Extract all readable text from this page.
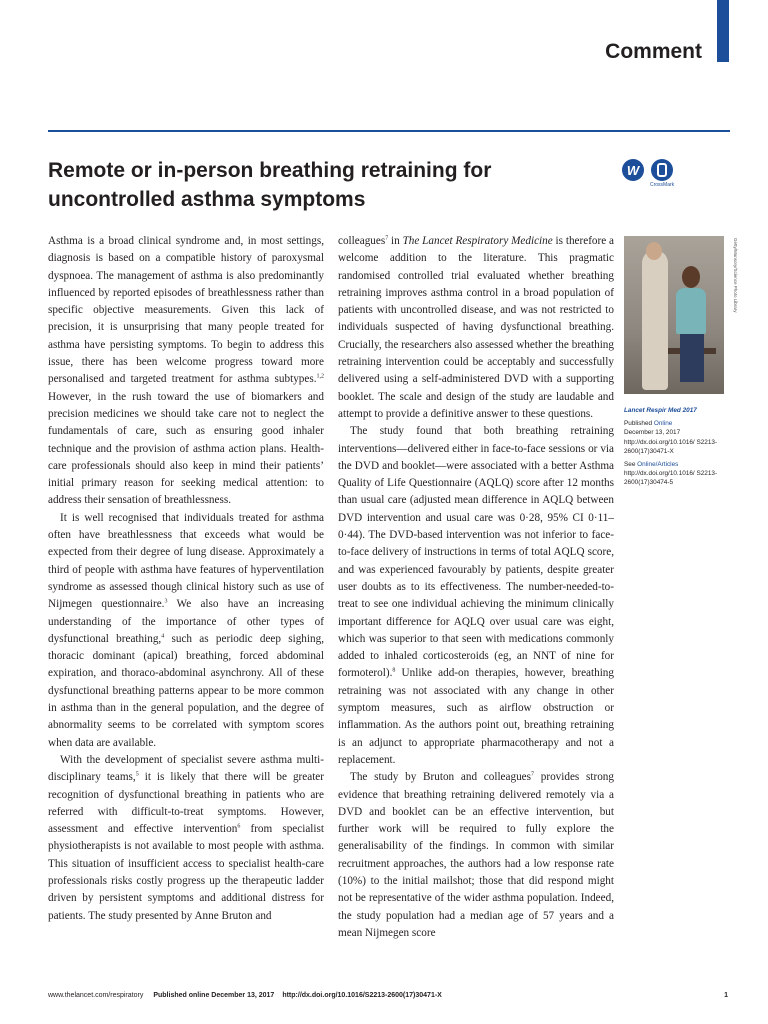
Comment
Remote or in-person breathing retraining for uncontrolled asthma symptoms
W
CrossMark

Asthma is a broad clinical syndrome and, in most settings, diagnosis is based on a compatible history of paroxysmal dyspnoea. The management of asthma is also predominantly influenced by reported episodes of breathlessness rather than specific objective measurements. Given this lack of precision, it is unsurprising that many people treated for asthma have persisting symptoms. To begin to address this issue, there has been welcome progress toward more personalised and targeted treatment for asthma subtypes.$^{1,2}$ However, in the rush toward the use of biomarkers and precision medicines we should take care not to neglect the fundamentals of care, such as ensuring good inhaler technique and the provision of asthma action plans. Health-care professionals should also keep in mind their patients’ initial primary reason for seeking medical attention: to address their sensation of breathlessness.

It is well recognised that individuals treated for asthma often have breathlessness that exceeds what would be expected from their degree of lung disease. Approximately a third of people with asthma have features of hyperventilation syndrome as assessed though clinical history such as use of Nijmegen questionnaire.$^3$ We also have an increasing understanding of the importance of other types of dysfunctional breathing,$^4$ such as periodic deep sighing, thoracic dominant (apical) breathing, forced abdominal expiration, and thoraco-abdominal asynchrony. All of these dysfunctional breathing patterns appear to be more common in asthma than in the general population, and the degree of abnormality seems to be correlated with symptom scores when data are available.

With the development of specialist severe asthma multi-disciplinary teams,$^5$ it is likely that there will be greater recognition of dysfunctional breathing in patients who are referred with difficult-to-treat symptoms. However, assessment and effective intervention$^6$ from specialist physiotherapists is not available to most people with asthma. This situation of insufficient access to specialist health-care professionals risks costly progress up the therapeutic ladder driven by persistent symptoms and additional distress for patients. The study presented by Anne Bruton and

colleagues$^7$ in The Lancet Respiratory Medicine is therefore a welcome addition to the literature. This pragmatic randomised controlled trial evaluated whether breathing retraining improves asthma control in a broad population of patients with uncontrolled disease, and was not restricted to individuals suspected of having dysfunctional breathing. Crucially, the researchers also assessed whether the breathing retraining intervention could be acceptably and successfully delivered using a self-administered DVD with a supporting booklet. The scale and design of the study are laudable and attempt to provide a definitive answer to these questions.

The study found that both breathing retraining interventions—delivered either in face-to-face sessions or via the DVD and booklet—were associated with a better Asthma Quality of Life Questionnaire (AQLQ) score after 12 months than usual care (adjusted mean difference in AQLQ between DVD intervention and usual care was 0·28, 95% CI 0·11–0·44). The DVD-based intervention was not inferior to face-to-face delivery of instructions in terms of total AQLQ score, and was experienced favourably by patients, despite greater user doubts as to its effectiveness. The number-needed-to-treat to see one individual achieving the minimum clinically important difference for AQLQ over usual care was eight, which was superior to that seen with medications commonly added to inhaled corticosteroids (eg, an NNT of nine for formoterol).$^8$ Unlike add-on therapies, however, breathing retraining was not associated with any change in other symptom measures, such as airflow obstruction or inflammation. As the authors point out, breathing retraining is an adjunct to appropriate pharmacotherapy and not a replacement.

The study by Bruton and colleagues$^7$ provides strong evidence that breathing retraining delivered remotely via a DVD and booklet can be an effective intervention, but further work will be required to fully explore the generalisability of the findings. In common with similar recruitment approaches, the authors had a low response rate (10%) to the initial mailshot; those that did respond might not be representative of the wider asthma population. Indeed, the study population had a median age of 57 years and a mean Nijmegen score

Getty/Mansory/Science Photo Library
Lancet Respir Med 2017
Published Online
December 13, 2017
http://dx.doi.org/10.1016/ S2213-2600(17)30471-X
See Online/Articles
http://dx.doi.org/10.1016/ S2213-2600(17)30474-5
www.thelancet.com/respiratory Published online December 13, 2017 http://dx.doi.org/10.1016/S2213-2600(17)30471-X	1
